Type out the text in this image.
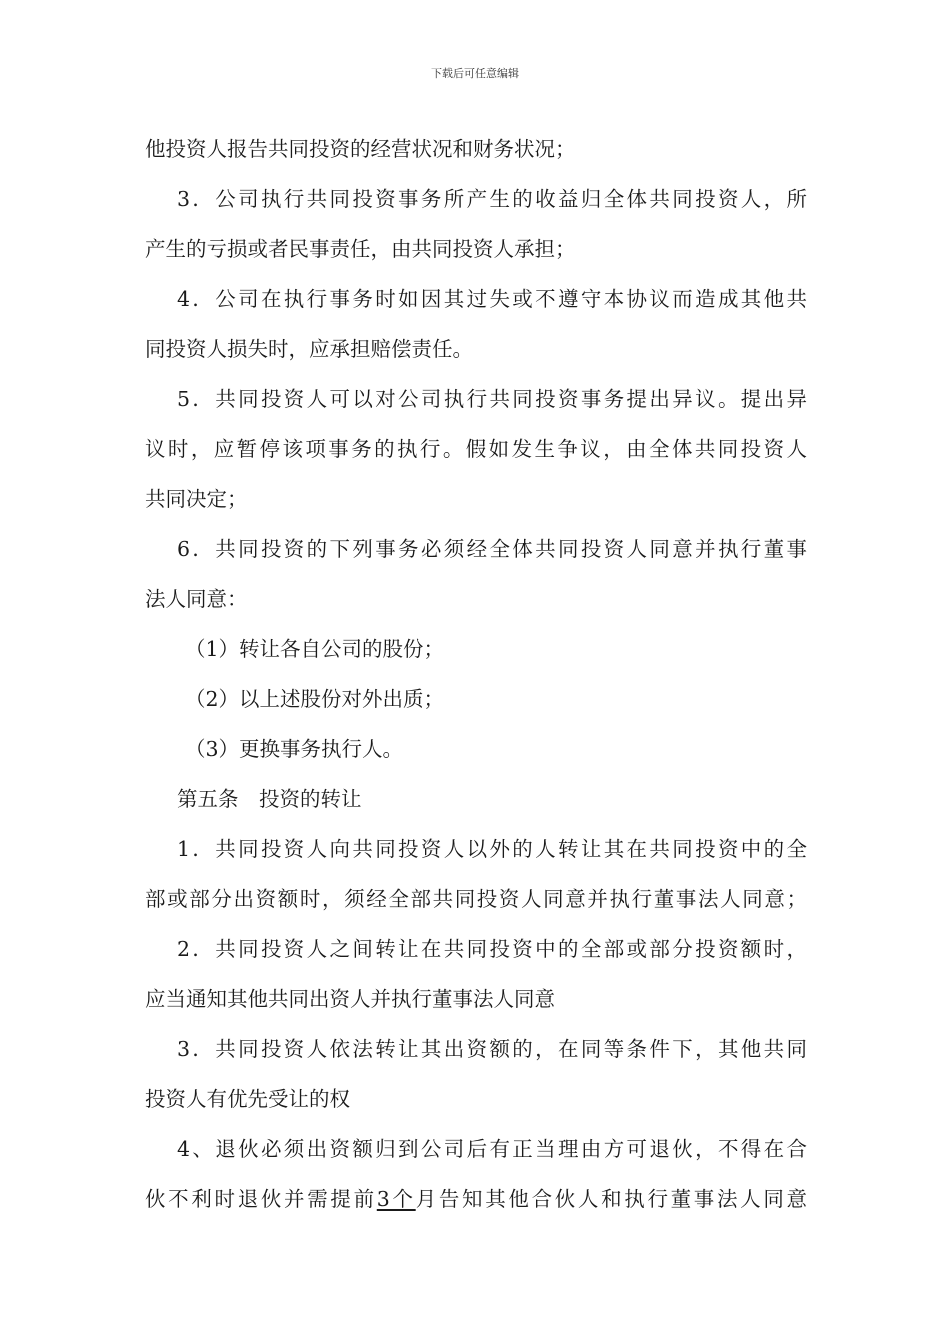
下载后可任意编辑
他投资人报告共同投资的经营状况和财务状况；
3．公司执行共同投资事务所产生的收益归全体共同投资人，所
产生的亏损或者民事责任，由共同投资人承担；
4．公司在执行事务时如因其过失或不遵守本协议而造成其他共
同投资人损失时，应承担赔偿责任。
5．共同投资人可以对公司执行共同投资事务提出异议。提出异
议时，应暂停该项事务的执行。假如发生争议，由全体共同投资人
共同决定；
6．共同投资的下列事务必须经全体共同投资人同意并执行董事
法人同意：
（1）转让各自公司的股份；
（2）以上述股份对外出质；
（3）更换事务执行人。
第五条　投资的转让
1．共同投资人向共同投资人以外的人转让其在共同投资中的全
部或部分出资额时，须经全部共同投资人同意并执行董事法人同意；
2．共同投资人之间转让在共同投资中的全部或部分投资额时，
应当通知其他共同出资人并执行董事法人同意
3．共同投资人依法转让其出资额的，在同等条件下，其他共同
投资人有优先受让的权
4、退伙必须出资额归到公司后有正当理由方可退伙，不得在合
伙不利时退伙并需提前3个月告知其他合伙人和执行董事法人同意
